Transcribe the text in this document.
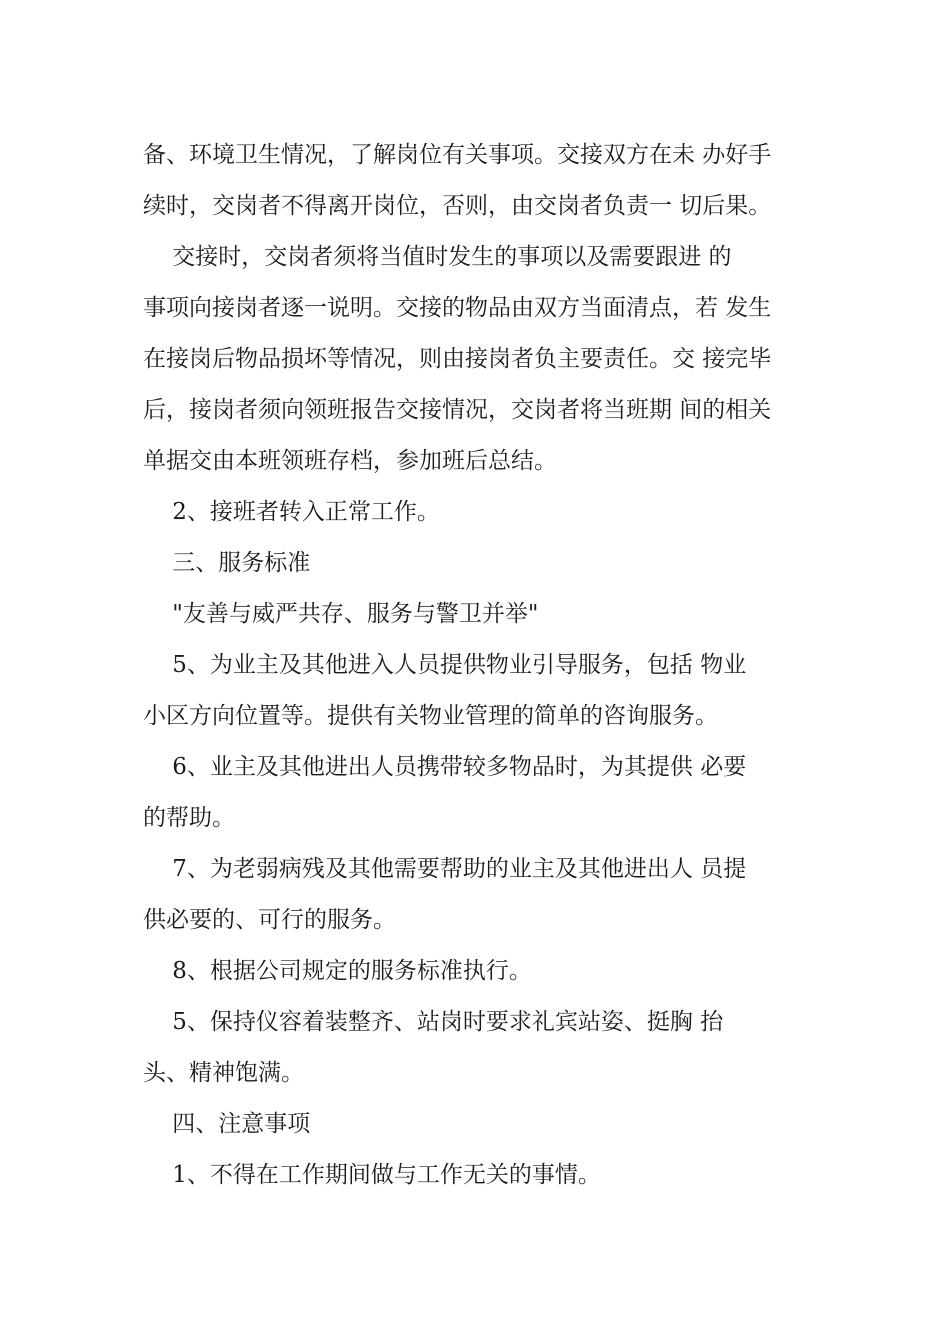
备、环境卫生情况，了解岗位有关事项。交接双方在未 办好手
续时，交岗者不得离开岗位，否则，由交岗者负责一 切后果。
交接时，交岗者须将当值时发生的事项以及需要跟进 的
事项向接岗者逐一说明。交接的物品由双方当面清点，若 发生
在接岗后物品损坏等情况，则由接岗者负主要责任。交 接完毕
后，接岗者须向领班报告交接情况，交岗者将当班期 间的相关
单据交由本班领班存档，参加班后总结。
2、接班者转入正常工作。
三、服务标准
"友善与威严共存、服务与警卫并举"
5、为业主及其他进入人员提供物业引导服务，包括 物业
小区方向位置等。提供有关物业管理的简单的咨询服务。
6、业主及其他进出人员携带较多物品时，为其提供 必要
的帮助。
7、为老弱病残及其他需要帮助的业主及其他进出人 员提
供必要的、可行的服务。
8、根据公司规定的服务标准执行。
5、保持仪容着装整齐、站岗时要求礼宾站姿、挺胸 抬
头、精神饱满。
四、注意事项
1、不得在工作期间做与工作无关的事情。
